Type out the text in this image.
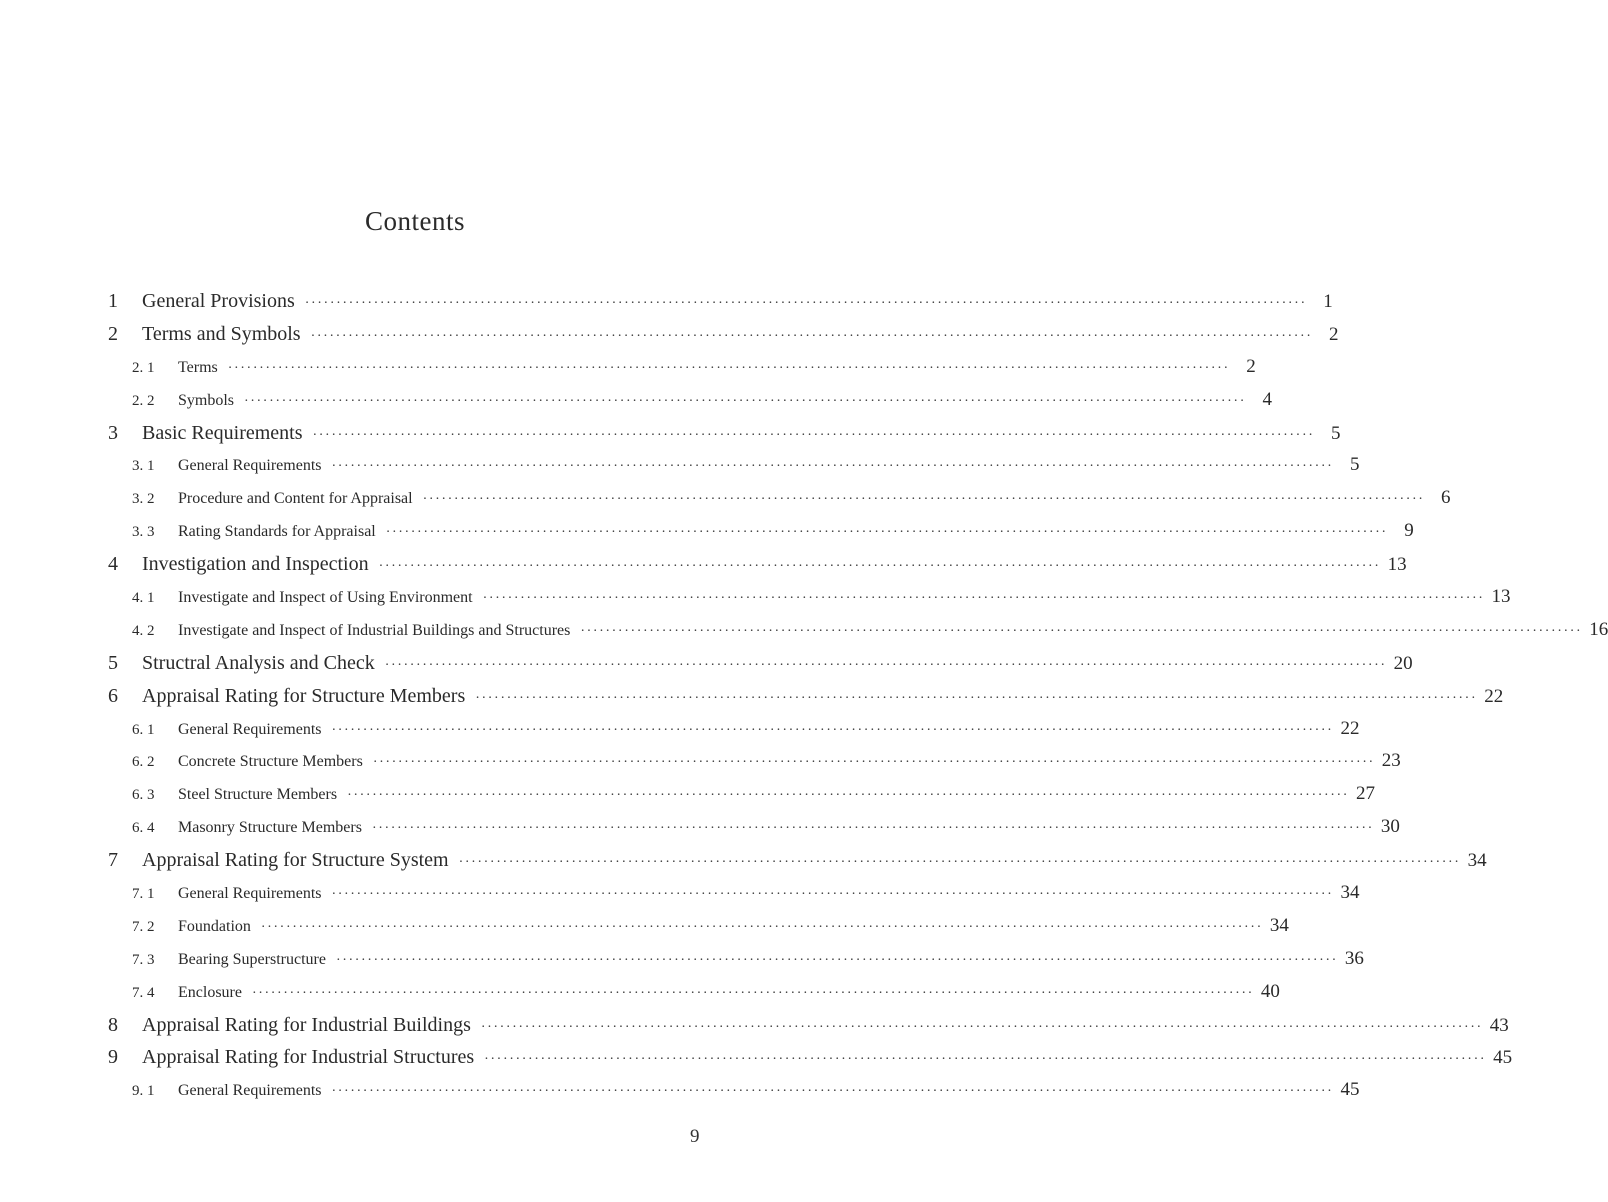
Contents
1	General Provisions ································································································································································ 1
2	Terms and Symbols ································································································································································ 2
2. 1	Terms ································································································································································ 2
2. 2	Symbols ································································································································································ 4
3	Basic Requirements ································································································································································ 5
3. 1	General Requirements ································································································································································ 5
3. 2	Procedure and Content for Appraisal ································································································································································ 6
3. 3	Rating Standards for Appraisal ································································································································································ 9
4	Investigation and Inspection ································································································································································ 13
4. 1	Investigate and Inspect of Using Environment ································································································································································ 13
4. 2	Investigate and Inspect of Industrial Buildings and Structures ································································································································································ 16
5	Structral Analysis and Check ································································································································································ 20
6	Appraisal Rating for Structure Members ································································································································································ 22
6. 1	General Requirements ································································································································································ 22
6. 2	Concrete Structure Members ································································································································································ 23
6. 3	Steel Structure Members ································································································································································ 27
6. 4	Masonry Structure Members ································································································································································ 30
7	Appraisal Rating for Structure System ································································································································································ 34
7. 1	General Requirements ································································································································································ 34
7. 2	Foundation ································································································································································ 34
7. 3	Bearing Superstructure ································································································································································ 36
7. 4	Enclosure ································································································································································ 40
8	Appraisal Rating for Industrial Buildings ································································································································································ 43
9	Appraisal Rating for Industrial Structures ································································································································································ 45
9. 1	General Requirements ································································································································································ 45
9
